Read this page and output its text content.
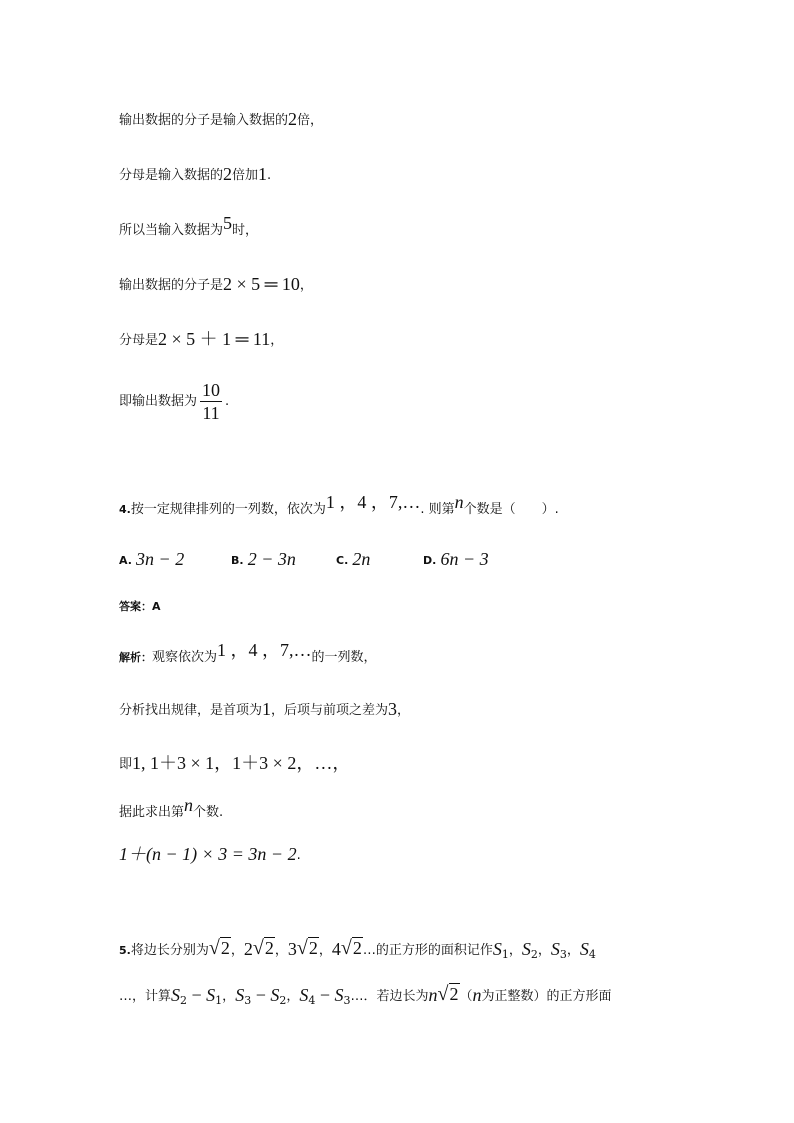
输出数据的分子是输入数据的2倍，
分母是输入数据的2倍加1.
所以当输入数据为5时，
输出数据的分子是2 × 5 ═ 10，
分母是2 × 5 ＋ 1 ═ 11，
即输出数据为 $\frac{10}{11}$ .
4.按一定规律排列的一列数，依次为1 ，4 ，7,…. 则第n个数是（　　）.
A. 3n − 2	B. 2 − 3n	C. 2n	D. 6n − 3
答案：A
解析：观察依次为1 ，4 ，7,…的一列数，
分析找出规律，是首项为1，后项与前项之差为3，
即1, 1＋3 × 1，1＋3 × 2，…，
据此求出第n个数.
1＋(n − 1) × 3 = 3n − 2.
5.将边长分别为√2，2√2，3√2，4√2…的正方形的面积记作$S_1$，$S_2$，$S_3$，$S_4$
…，计算$S_2 - S_1$，$S_3 - S_2$，$S_4$ − $S_3\dots$．若边长为n√2（n为正整数）的正方形面
